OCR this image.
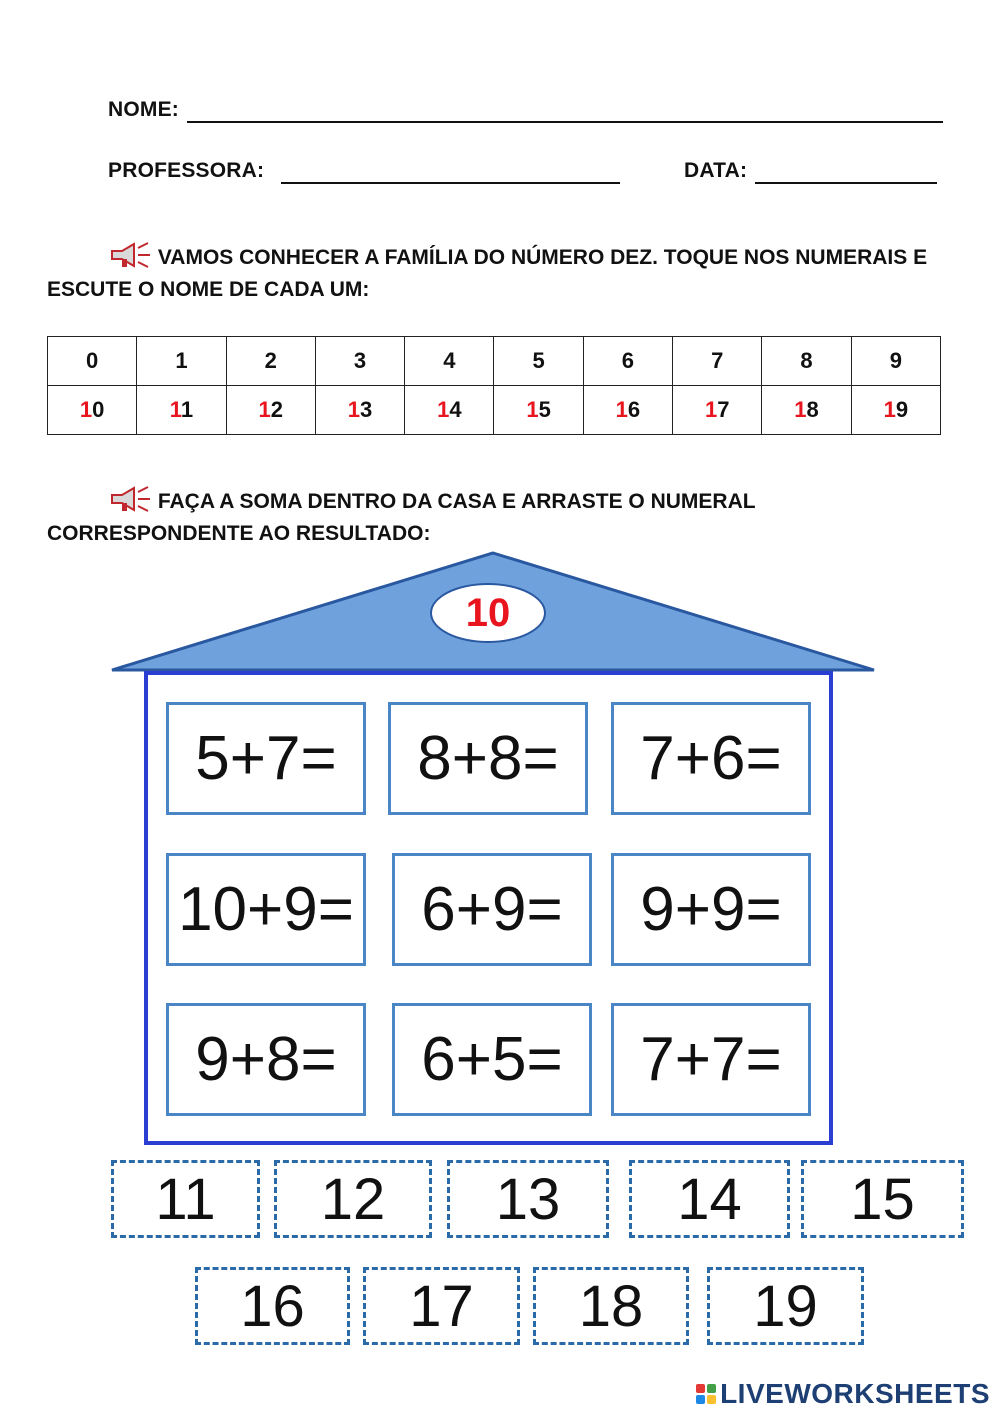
NOME:
PROFESSORA:	DATA:
VAMOS CONHECER A FAMÍLIA DO NÚMERO DEZ. TOQUE NOS NUMERAIS E ESCUTE O NOME DE CADA UM:
0	1	2	3	4	5	6	7	8	9
10	11	12	13	14	15	16	17	18	19
FAÇA A SOMA DENTRO DA CASA E ARRASTE O NUMERAL CORRESPONDENTE AO RESULTADO:
10
5+7=	8+8=	7+6=
10+9=	6+9=	9+9=
9+8=	6+5=	7+7=
11	12	13	14	15
16	17	18	19
LIVEWORKSHEETS
